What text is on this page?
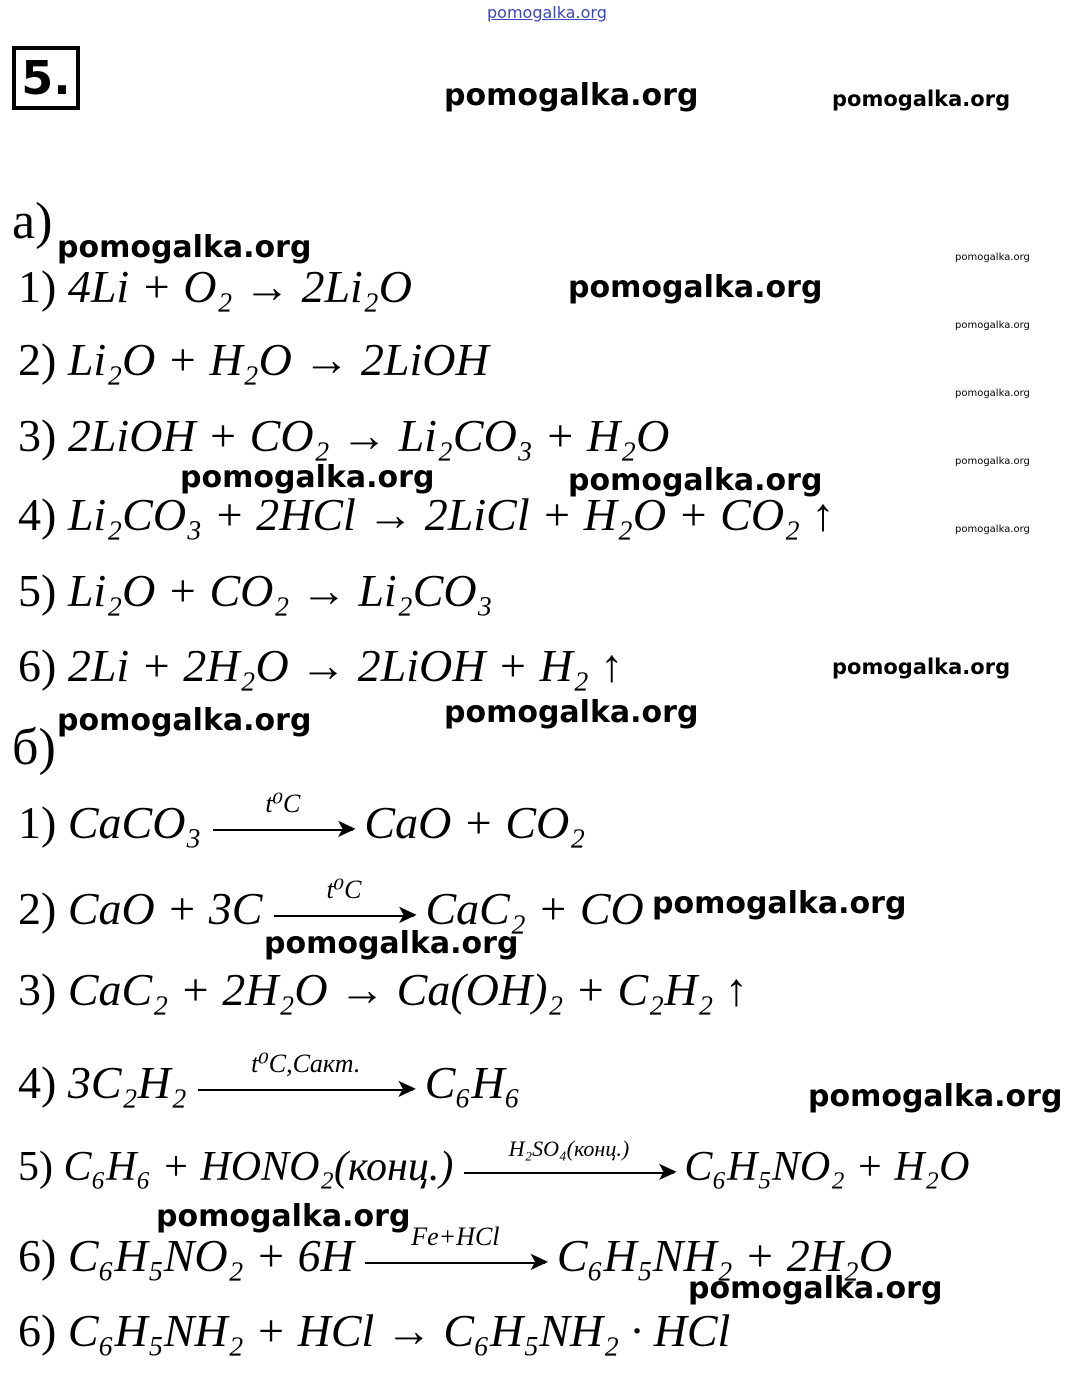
pomogalka.org
pomogalka.org	pomogalka.org
pomogalka.org
pomogalka.org
pomogalka.org
pomogalka.org
pomogalka.org
pomogalka.org
pomogalka.org
pomogalka.org	pomogalka.org
pomogalka.org
pomogalka.org	pomogalka.org
pomogalka.org
pomogalka.org
pomogalka.org
pomogalka.org
pomogalka.org
5.
а)
1) 4Li + O₂ → 2Li₂O
2) Li₂O + H₂O → 2LiOH
3) 2LiOH + CO₂ → Li₂CO₃ + H₂O
4) Li₂CO₃ + 2HCl → 2LiCl + H₂O + CO₂ ↑
5) Li₂O + CO₂ → Li₂CO₃
6) 2Li + 2H₂O → 2LiOH + H₂ ↑
б)
1) CaCO₃	t⁰C
➤ CaO + CO₂
2) CaO + 3C	t⁰C
➤ CaC₂ + CO
3) CaC₂ + 2H₂O → Ca(OH)₂ + C₂H₂ ↑
4) 3C₂H₂	t⁰C,Cакт.
➤ C₆H₆
5) C₆H₆ + HONO₂(конц.)	H₂SO₄(конц.)
➤ C₆H₅NO₂ + H₂O
6) C₆H₅NO₂ + 6H	Fe+HCl
➤ C₆H₅NH₂ + 2H₂O
6) C₆H₅NH₂ + HCl → C₆H₅NH₂ · HCl
